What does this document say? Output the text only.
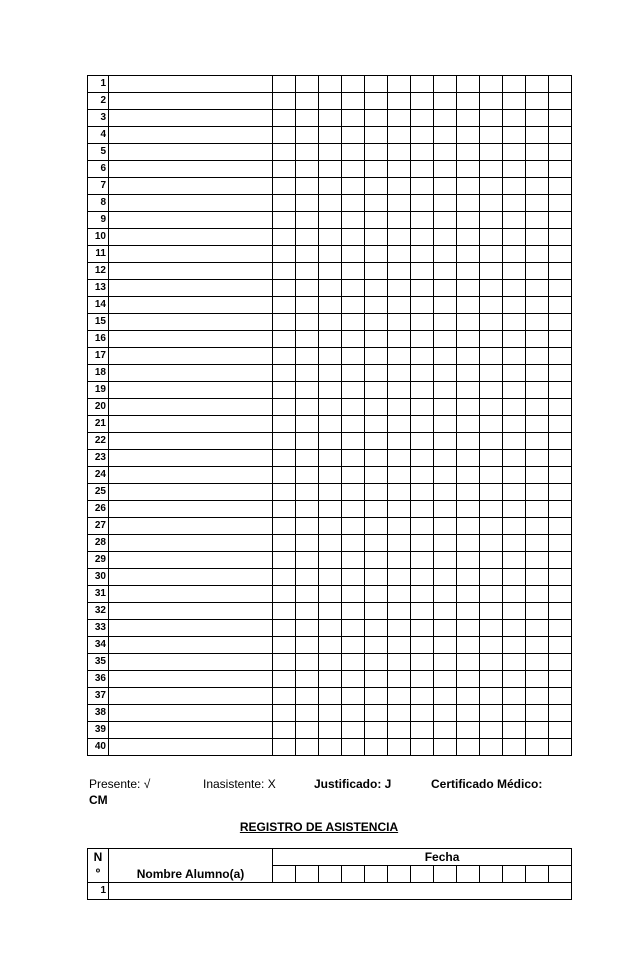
1														
2														
3														
4														
5														
6														
7														
8														
9														
10														
11														
12														
13														
14														
15														
16														
17														
18														
19														
20														
21														
22														
23														
24														
25														
26														
27														
28														
29														
30														
31														
32														
33														
34														
35														
36														
37														
38														
39														
40														
Presente: √	Inasistente: X	Justificado: J	Certificado Médico:
CM
REGISTRO DE ASISTENCIA
N
º	Nombre Alumno(a)	Fecha												

1														
